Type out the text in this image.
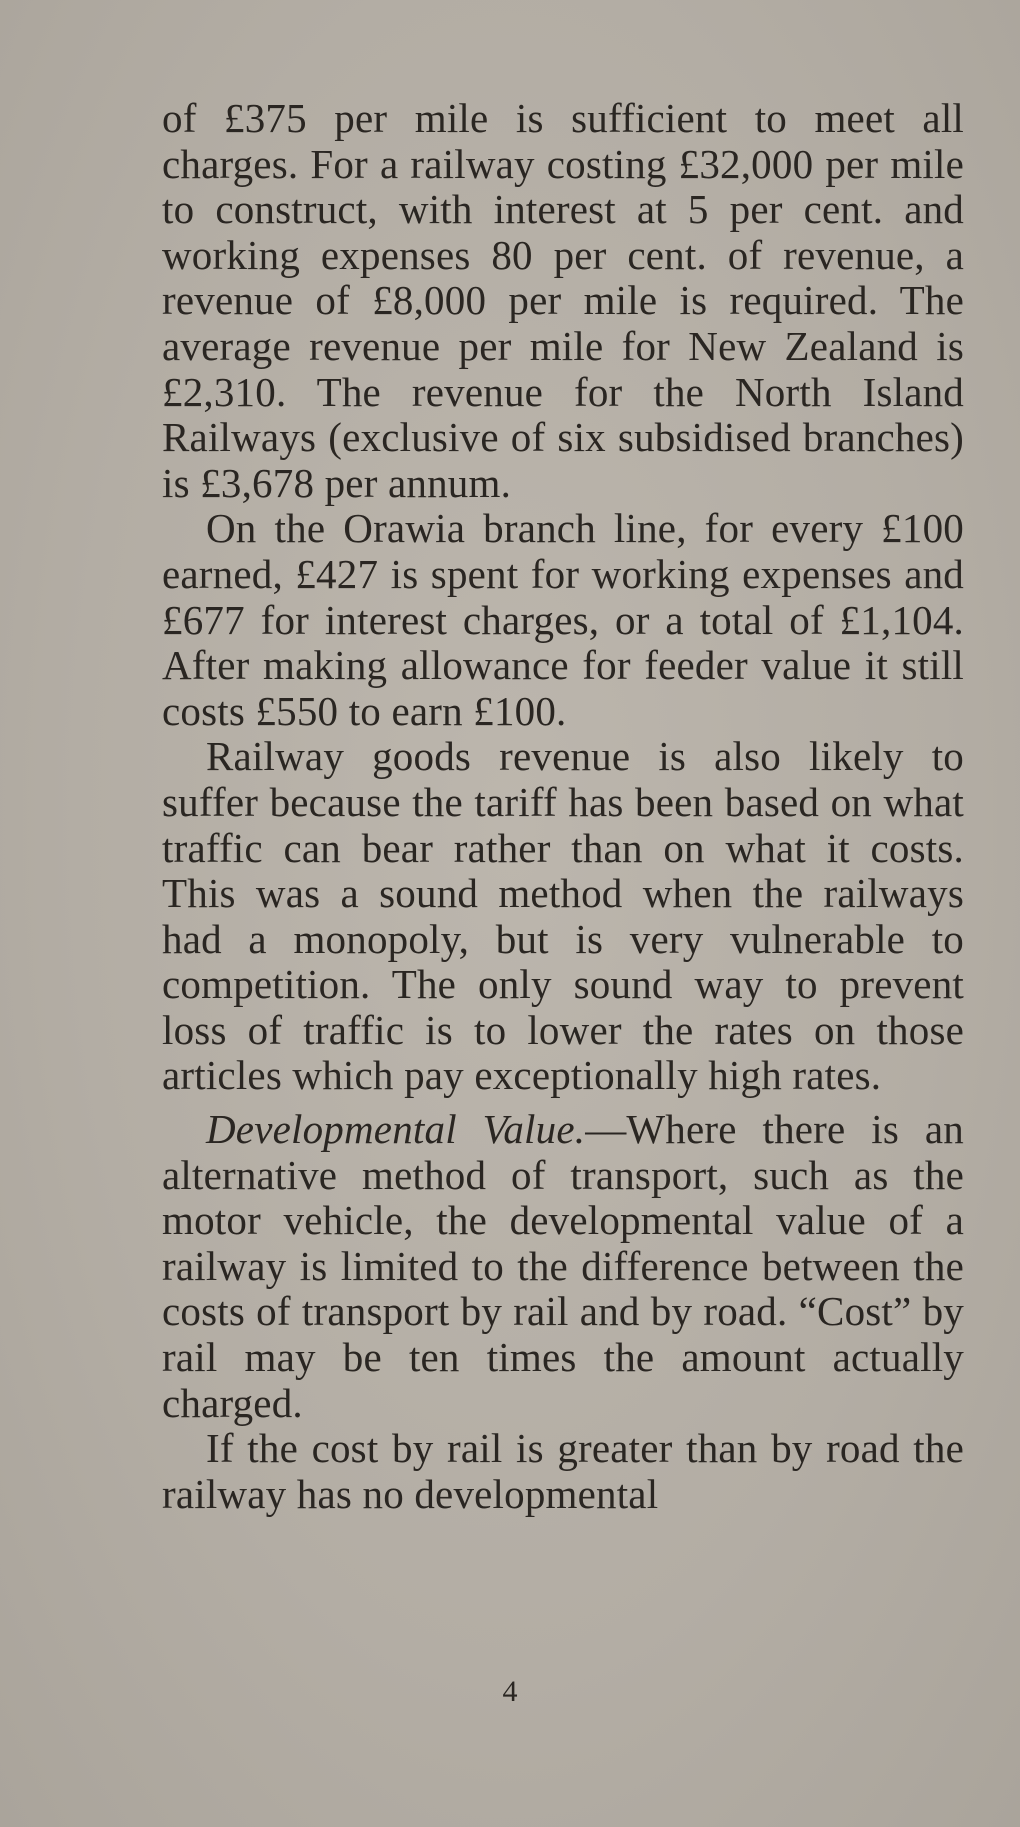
of £375 per mile is sufficient to meet all charges. For a railway costing £32,000 per mile to construct, with interest at 5 per cent. and working expenses 80 per cent. of revenue, a revenue of £8,000 per mile is required. The average revenue per mile for New Zealand is £2,310. The revenue for the North Island Railways (exclusive of six subsidised branches) is £3,678 per annum.

On the Orawia branch line, for every £100 earned, £427 is spent for working expenses and £677 for interest charges, or a total of £1,104. After making allowance for feeder value it still costs £550 to earn £100.

Railway goods revenue is also likely to suffer because the tariff has been based on what traffic can bear rather than on what it costs. This was a sound method when the railways had a monopoly, but is very vulnerable to competition. The only sound way to prevent loss of traffic is to lower the rates on those articles which pay exceptionally high rates.

Developmental Value.—Where there is an alternative method of transport, such as the motor vehicle, the developmental value of a railway is limited to the difference between the costs of transport by rail and by road. “Cost” by rail may be ten times the amount actually charged.

If the cost by rail is greater than by road the railway has no developmental

4
